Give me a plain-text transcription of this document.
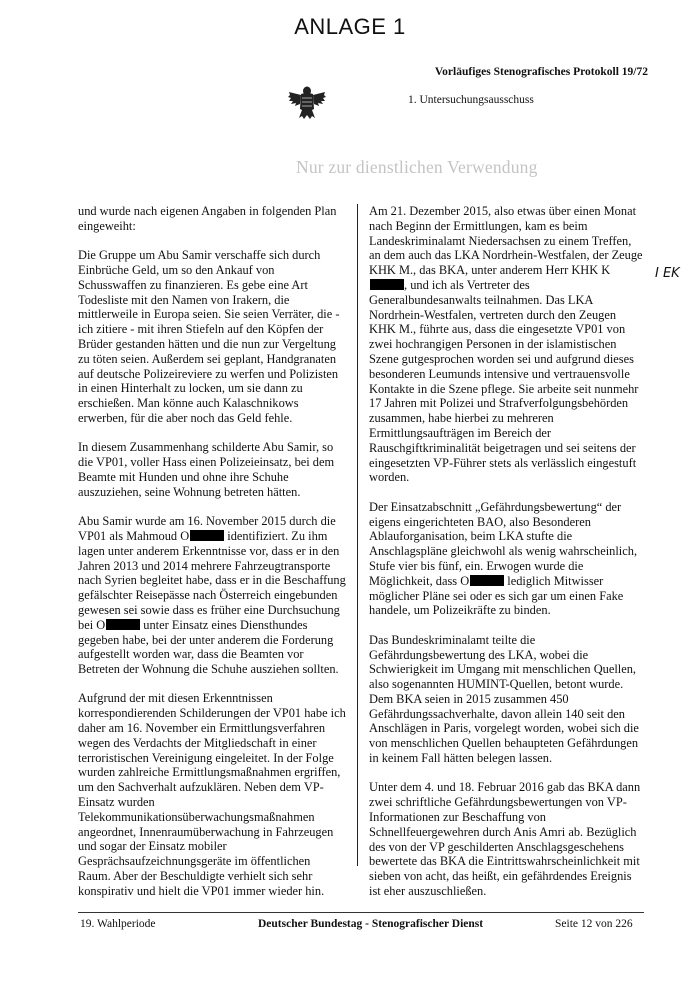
ANLAGE 1
Vorläufiges Stenografisches Protokoll 19/72
1. Untersuchungsausschuss
Nur zur dienstlichen Verwendung

und wurde nach eigenen Angaben in folgenden Plan eingeweiht:

Die Gruppe um Abu Samir verschaffe sich durch Einbrüche Geld, um so den Ankauf von Schusswaffen zu finanzieren. Es gebe eine Art Todesliste mit den Namen von Irakern, die mittlerweile in Europa seien. Sie seien Verräter, die - ich zitiere - mit ihren Stiefeln auf den Köpfen der Brüder gestanden hätten und die nun zur Vergeltung zu töten seien. Außerdem sei geplant, Handgranaten auf deutsche Polizeireviere zu werfen und Polizisten in einen Hinterhalt zu locken, um sie dann zu erschießen. Man könne auch Kalaschnikows erwerben, für die aber noch das Geld fehle.

In diesem Zusammenhang schilderte Abu Samir, so die VP01, voller Hass einen Polizeieinsatz, bei dem Beamte mit Hunden und ohne ihre Schuhe auszuziehen, seine Wohnung betreten hätten.

Abu Samir wurde am 16. November 2015 durch die VP01 als Mahmoud O	identifiziert. Zu ihm lagen unter anderem Erkenntnisse vor, dass er in den Jahren 2013 und 2014 mehrere Fahrzeugtransporte nach Syrien begleitet habe, dass er in die Beschaffung gefälschter Reisepässe nach Österreich eingebunden gewesen sei sowie dass es früher eine Durchsuchung bei O	unter Einsatz eines Diensthundes gegeben habe, bei der unter anderem die Forderung aufgestellt worden war, dass die Beamten vor Betreten der Wohnung die Schuhe ausziehen sollten.

Aufgrund der mit diesen Erkenntnissen korrespondierenden Schilderungen der VP01 habe ich daher am 16. November ein Ermittlungsverfahren wegen des Verdachts der Mitgliedschaft in einer terroristischen Vereinigung eingeleitet. In der Folge wurden zahlreiche Ermittlungsmaßnahmen ergriffen, um den Sachverhalt aufzuklären. Neben dem VP-Einsatz wurden Telekommunikationsüberwachungsmaßnahmen angeordnet, Innenraumüberwachung in Fahrzeugen und sogar der Einsatz mobiler Gesprächsaufzeichnungsgeräte im öffentlichen Raum. Aber der Beschuldigte verhielt sich sehr konspirativ und hielt die VP01 immer wieder hin.

Am 21. Dezember 2015, also etwas über einen Monat nach Beginn der Ermittlungen, kam es beim Landeskriminalamt Niedersachsen zu einem Treffen, an dem auch das LKA Nordrhein-Westfalen, der Zeuge KHK M., das BKA, unter anderem Herr KHK K, und ich als Vertreter des Generalbundesanwalts teilnahmen. Das LKA Nordrhein-Westfalen, vertreten durch den Zeugen KHK M., führte aus, dass die eingesetzte VP01 von zwei hochrangigen Personen in der islamistischen Szene gutgesprochen worden sei und aufgrund dieses besonderen Leumunds intensive und vertrauensvolle Kontakte in die Szene pflege. Sie arbeite seit nunmehr 17 Jahren mit Polizei und Strafverfolgungsbehörden zusammen, habe hierbei zu mehreren Ermittlungsaufträgen im Bereich der Rauschgiftkriminalität beigetragen und sei seitens der eingesetzten VP-Führer stets als verlässlich eingestuft worden.

Der Einsatzabschnitt „Gefährdungsbewertung“ der eigens eingerichteten BAO, also Besonderen Ablauforganisation, beim LKA stufte die Anschlagspläne gleichwohl als wenig wahrscheinlich, Stufe vier bis fünf, ein. Erwogen wurde die Möglichkeit, dass O	lediglich Mitwisser möglicher Pläne sei oder es sich gar um einen Fake handele, um Polizeikräfte zu binden.

Das Bundeskriminalamt teilte die Gefährdungsbewertung des LKA, wobei die Schwierigkeit im Umgang mit menschlichen Quellen, also sogenannten HUMINT-Quellen, betont wurde. Dem BKA seien in 2015 zusammen 450 Gefährdungssachverhalte, davon allein 140 seit den Anschlägen in Paris, vorgelegt worden, wobei sich die von menschlichen Quellen behaupteten Gefährdungen in keinem Fall hätten belegen lassen.

Unter dem 4. und 18. Februar 2016 gab das BKA dann zwei schriftliche Gefährdungsbewertungen von VP-Informationen zur Beschaffung von Schnellfeuergewehren durch Anis Amri ab. Bezüglich des von der VP geschilderten Anschlagsgeschehens bewertete das BKA die Eintrittswahrscheinlichkeit mit sieben von acht, das heißt, ein gefährdendes Ereignis ist eher auszuschließen.

I EK
19. Wahlperiode	Deutscher Bundestag - Stenografischer Dienst	Seite 12 von 226
